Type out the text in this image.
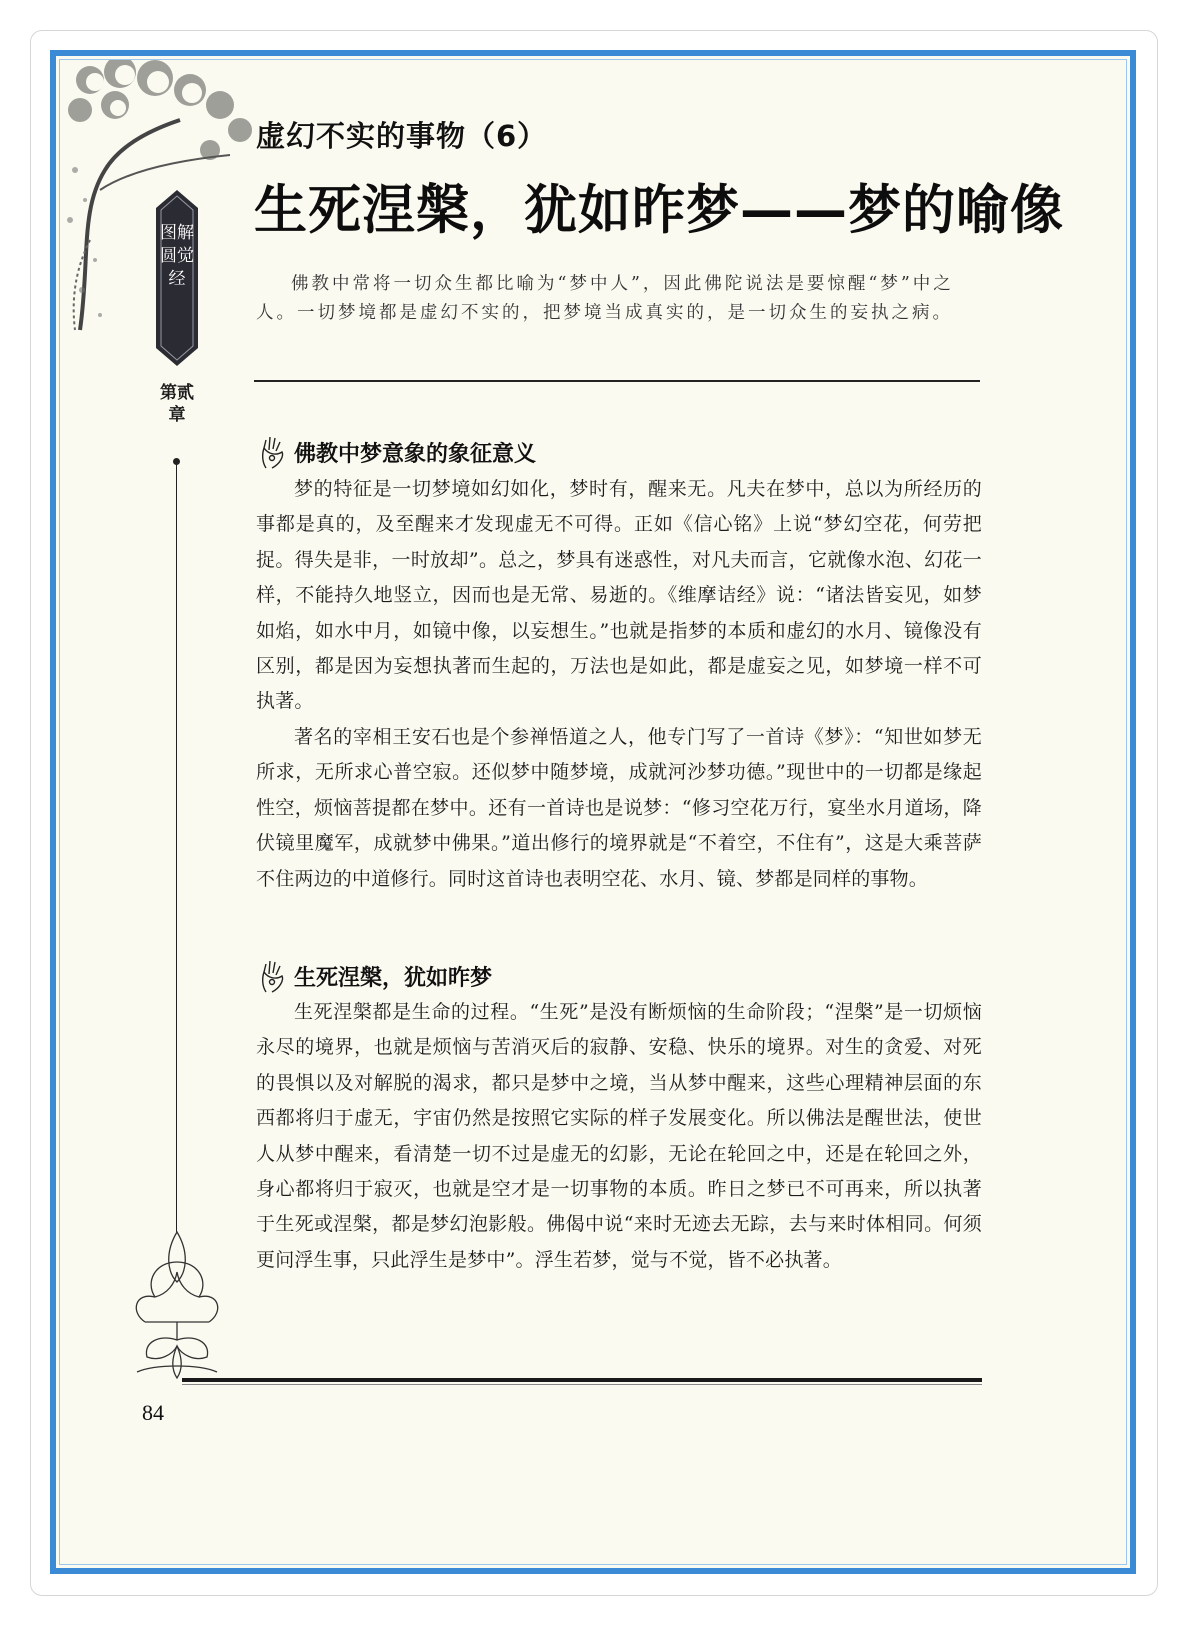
图解圆觉经
第贰章
虚幻不实的事物（6）
生死涅槃，犹如昨梦——梦的喻像

佛教中常将一切众生都比喻为“梦中人”，因此佛陀说法是要惊醒“梦”中之人。一切梦境都是虚幻不实的，把梦境当成真实的，是一切众生的妄执之病。

佛教中梦意象的象征意义

梦的特征是一切梦境如幻如化，梦时有，醒来无。凡夫在梦中，总以为所经历的事都是真的，及至醒来才发现虚无不可得。正如《信心铭》上说“梦幻空花，何劳把捉。得失是非，一时放却”。总之，梦具有迷惑性，对凡夫而言，它就像水泡、幻花一样，不能持久地竖立，因而也是无常、易逝的。《维摩诘经》说：“诸法皆妄见，如梦如焰，如水中月，如镜中像，以妄想生。”也就是指梦的本质和虚幻的水月、镜像没有区别，都是因为妄想执著而生起的，万法也是如此，都是虚妄之见，如梦境一样不可执著。

著名的宰相王安石也是个参禅悟道之人，他专门写了一首诗《梦》：“知世如梦无所求，无所求心普空寂。还似梦中随梦境，成就河沙梦功德。”现世中的一切都是缘起性空，烦恼菩提都在梦中。还有一首诗也是说梦：“修习空花万行，宴坐水月道场，降伏镜里魔军，成就梦中佛果。”道出修行的境界就是“不着空，不住有”，这是大乘菩萨不住两边的中道修行。同时这首诗也表明空花、水月、镜、梦都是同样的事物。

生死涅槃，犹如昨梦

生死涅槃都是生命的过程。“生死”是没有断烦恼的生命阶段；“涅槃”是一切烦恼永尽的境界，也就是烦恼与苦消灭后的寂静、安稳、快乐的境界。对生的贪爱、对死的畏惧以及对解脱的渴求，都只是梦中之境，当从梦中醒来，这些心理精神层面的东西都将归于虚无，宇宙仍然是按照它实际的样子发展变化。所以佛法是醒世法，使世人从梦中醒来，看清楚一切不过是虚无的幻影，无论在轮回之中，还是在轮回之外，身心都将归于寂灭，也就是空才是一切事物的本质。昨日之梦已不可再来，所以执著于生死或涅槃，都是梦幻泡影般。佛偈中说“来时无迹去无踪，去与来时体相同。何须更问浮生事，只此浮生是梦中”。浮生若梦，觉与不觉，皆不必执著。

84
